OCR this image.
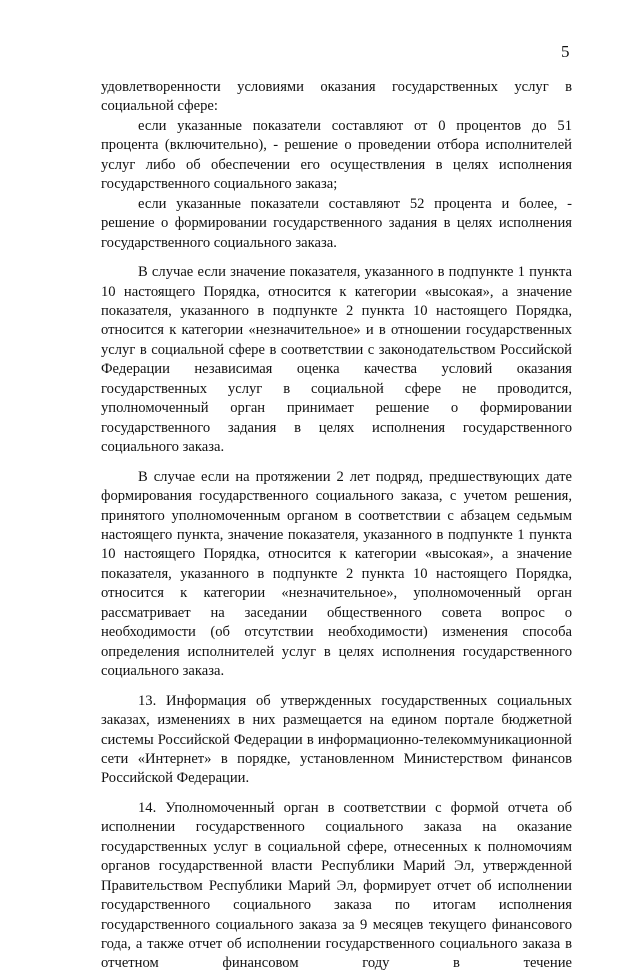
5

удовлетворенности условиями оказания государственных услуг в социальной сфере:

если указанные показатели составляют от 0 процентов до 51 процента (включительно), - решение о проведении отбора исполнителей услуг либо об обеспечении его осуществления в целях исполнения государственного социального заказа;

если указанные показатели составляют 52 процента и более, - решение о формировании государственного задания в целях исполнения государственного социального заказа.

В случае если значение показателя, указанного в подпункте 1 пункта 10 настоящего Порядка, относится к категории «высокая», а значение показателя, указанного в подпункте 2 пункта 10 настоящего Порядка, относится к категории «незначительное» и в отношении государственных услуг в социальной сфере в соответствии с законодательством Российской Федерации независимая оценка качества условий оказания государственных услуг в социальной сфере не проводится, уполномоченный орган принимает решение о формировании государственного задания в целях исполнения государственного социального заказа.

В случае если на протяжении 2 лет подряд, предшествующих дате формирования государственного социального заказа, с учетом решения, принятого уполномоченным органом в соответствии с абзацем седьмым настоящего пункта, значение показателя, указанного в подпункте 1 пункта 10 настоящего Порядка, относится к категории «высокая», а значение показателя, указанного в подпункте 2 пункта 10 настоящего Порядка, относится к категории «незначительное», уполномоченный орган рассматривает на заседании общественного совета вопрос о необходимости (об отсутствии необходимости) изменения способа определения исполнителей услуг в целях исполнения государственного социального заказа.

13. Информация об утвержденных государственных социальных заказах, изменениях в них размещается на едином портале бюджетной системы Российской Федерации в информационно-телекоммуникационной сети «Интернет» в порядке, установленном Министерством финансов Российской Федерации.

14. Уполномоченный орган в соответствии с формой отчета об исполнении государственного социального заказа на оказание государственных услуг в социальной сфере, отнесенных к полномочиям органов государственной власти Республики Марий Эл, утвержденной Правительством Республики Марий Эл, формирует отчет об исполнении государственного социального заказа по итогам исполнения государственного социального заказа за 9 месяцев текущего финансового года, а также отчет об исполнении государственного социального заказа в отчетном финансовом году в течение
